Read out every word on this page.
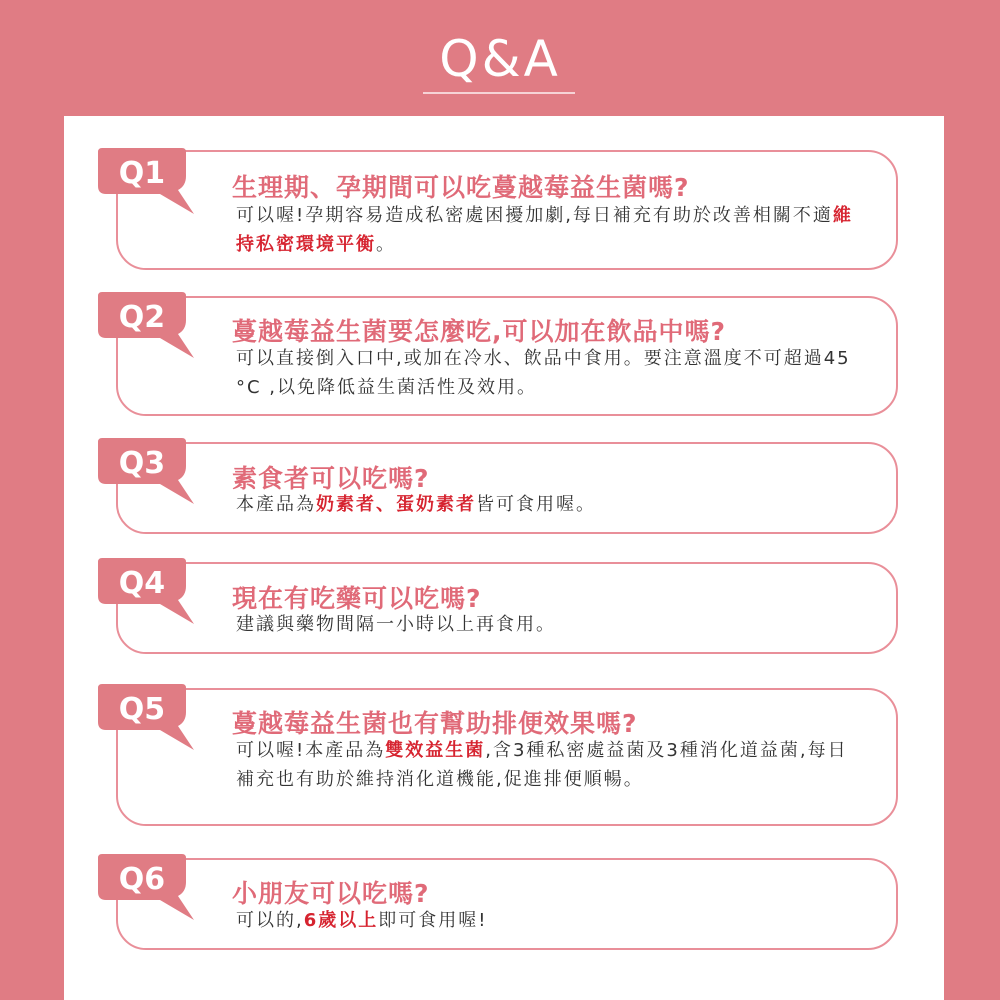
Q&A
Q1	生理期、孕期間可以吃蔓越莓益生菌嗎?
可以喔!孕期容易造成私密處困擾加劇,每日補充有助於改善相關不適維持私密環境平衡。
Q2	蔓越莓益生菌要怎麼吃,可以加在飲品中嗎?
可以直接倒入口中,或加在冷水、飲品中食用。要注意溫度不可超過45 °C ,以免降低益生菌活性及效用。
Q3	素食者可以吃嗎?
本產品為奶素者、蛋奶素者皆可食用喔。
Q4	現在有吃藥可以吃嗎?
建議與藥物間隔一小時以上再食用。
Q5	蔓越莓益生菌也有幫助排便效果嗎?
可以喔!本產品為雙效益生菌,含3種私密處益菌及3種消化道益菌,每日補充也有助於維持消化道機能,促進排便順暢。
Q6	小朋友可以吃嗎?
可以的,6歲以上即可食用喔!
